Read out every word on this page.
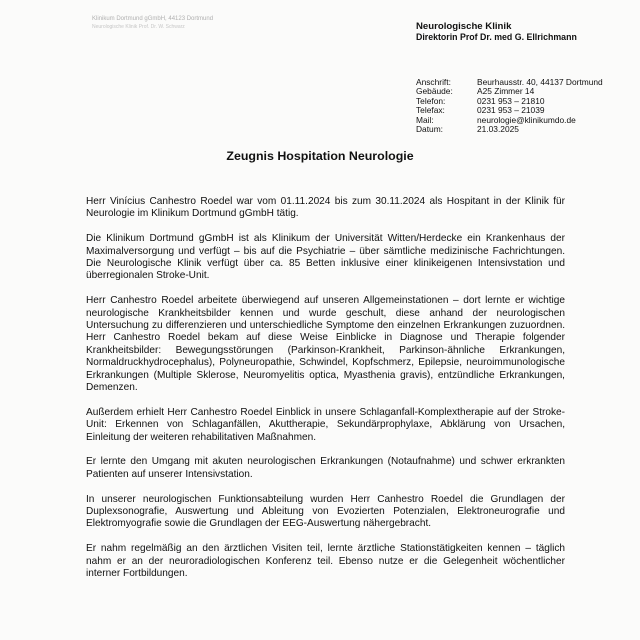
Klinikum Dortmund gGmbH, 44123 Dortmund
Neurologische Klinik Prof. Dr. W. Schwarz	Neurologische Klinik
Direktorin Prof Dr. med G. Ellrichmann
Anschrift:	Beurhausstr. 40, 44137 Dortmund
Gebäude:	A25 Zimmer 14
Telefon:	0231 953 – 21810
Telefax:	0231 953 – 21039
Mail:	neurologie@klinikumdo.de
Datum:	21.03.2025
Zeugnis Hospitation Neurologie

Herr Vinícius Canhestro Roedel war vom 01.11.2024 bis zum 30.11.2024 als Hospitant in der Klinik für Neurologie im Klinikum Dortmund gGmbH tätig.

Die Klinikum Dortmund gGmbH ist als Klinikum der Universität Witten/Herdecke ein Krankenhaus der Maximalversorgung und verfügt – bis auf die Psychiatrie – über sämtliche medizinische Fachrichtungen. Die Neurologische Klinik verfügt über ca. 85 Betten inklusive einer klinikeigenen Intensivstation und überregionalen Stroke-Unit.

Herr Canhestro Roedel arbeitete überwiegend auf unseren Allgemeinstationen – dort lernte er wichtige neurologische Krankheitsbilder kennen und wurde geschult, diese anhand der neurologischen Untersuchung zu differenzieren und unterschiedliche Symptome den einzelnen Erkrankungen zuzuordnen. Herr Canhestro Roedel bekam auf diese Weise Einblicke in Diagnose und Therapie folgender Krankheitsbilder: Bewegungsstörungen (Parkinson-Krankheit, Parkinson-ähnliche Erkrankungen, Normaldruckhydrocephalus), Polyneuropathie, Schwindel, Kopfschmerz, Epilepsie, neuroimmunologische Erkrankungen (Multiple Sklerose, Neuromyelitis optica, Myasthenia gravis), entzündliche Erkrankungen, Demenzen.

Außerdem erhielt Herr Canhestro Roedel Einblick in unsere Schlaganfall-Komplextherapie auf der Stroke-Unit: Erkennen von Schlaganfällen, Akuttherapie, Sekundärprophylaxe, Abklärung von Ursachen, Einleitung der weiteren rehabilitativen Maßnahmen.

Er lernte den Umgang mit akuten neurologischen Erkrankungen (Notaufnahme) und schwer erkrankten Patienten auf unserer Intensivstation.

In unserer neurologischen Funktionsabteilung wurden Herr Canhestro Roedel die Grundlagen der Duplexsonografie, Auswertung und Ableitung von Evozierten Potenzialen, Elektroneurografie und Elektromyografie sowie die Grundlagen der EEG-Auswertung nähergebracht.

Er nahm regelmäßig an den ärztlichen Visiten teil, lernte ärztliche Stationstätigkeiten kennen – täglich nahm er an der neuroradiologischen Konferenz teil. Ebenso nutze er die Gelegenheit wöchentlicher interner Fortbildungen.
